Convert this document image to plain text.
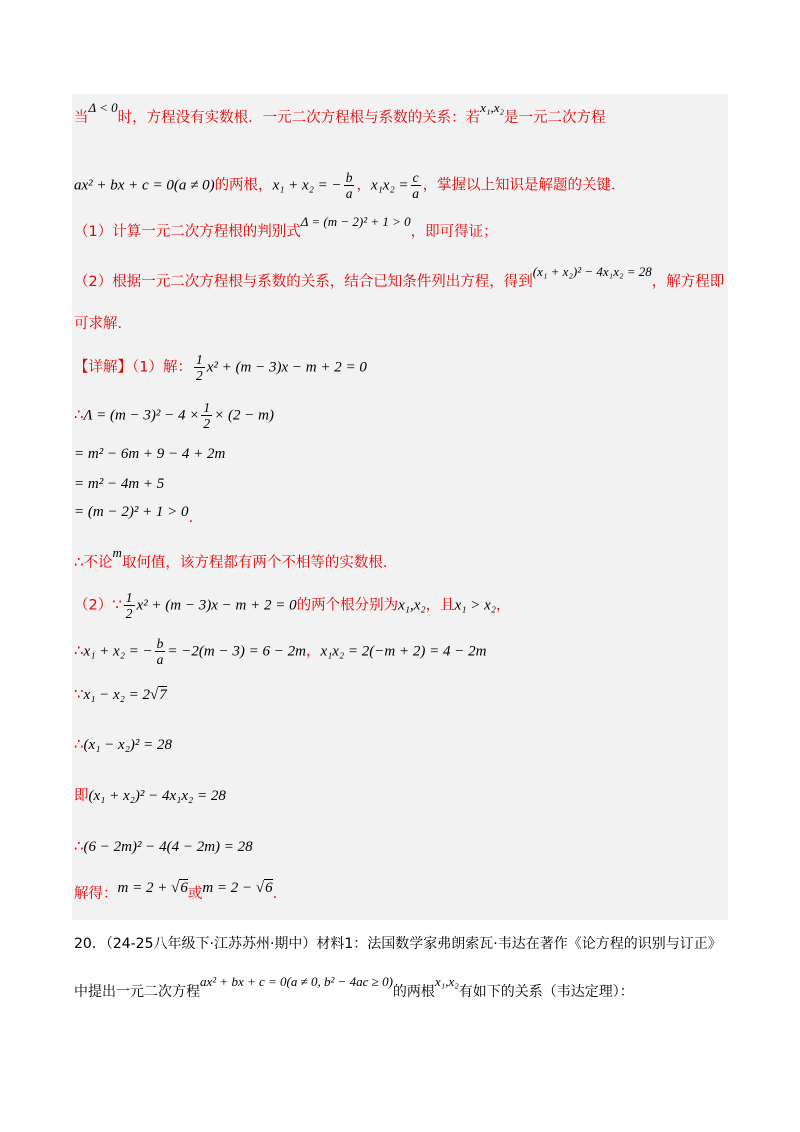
当Δ < 0时，方程没有实数根．一元二次方程根与系数的关系：若x₁,x₂是一元二次方程
ax² + bx + c = 0(a ≠ 0)的两根，x₁ + x₂ = − $\frac{b}{a}$ ，$x_1x_2 = \frac{c}{a}$ ，掌握以上知识是解题的关键．
（1）计算一元二次方程根的判别式Δ = (m − 2)² + 1 > 0，即可得证；
（2）根据一元二次方程根与系数的关系，结合已知条件列出方程，得到(x₁ + x₂)² − 4x₁x₂ = 28，解方程即
可求解．
【详解】（1）解： $\frac{1}{2} x^2 + (m - 3)x - m + 2 = 0$
∴Λ = $(m - 3)^2 - 4 \times \frac{1}{2} \times (2 - m)$
= m² − 6m + 9 − 4 + 2m
= m² − 4m + 5
= (m − 2)² + 1 > 0.
∴不论m取何值，该方程都有两个不相等的实数根．
（2）∵ $\frac{1}{2} x^2 + (m - 3)x - m + 2 = 0$的两个根分别为x₁,x₂，且x₁ > x₂，
∴x₁ + x₂ = − $\frac{b}{a} = -2(m - 3) = 6 - 2m$，x₁x₂ = 2(−m + 2) = 4 − 2m
∵x₁ − x₂ = 2√7
∴(x₁ − x₂)² = 28
即(x₁ + x₂)² − 4x₁x₂ = 28
∴(6 − 2m)² − 4(4 − 2m) = 28
解得：m = 2 + √6或m = 2 − √6.
20．（24-25八年级下·江苏苏州·期中）材料1：法国数学家弗朗索瓦·韦达在著作《论方程的识别与订正》
中提出一元二次方程ax² + bx + c = 0(a ≠ 0, b² − 4ac ≥ 0)的两根x₁,x₂有如下的关系（韦达定理）：
